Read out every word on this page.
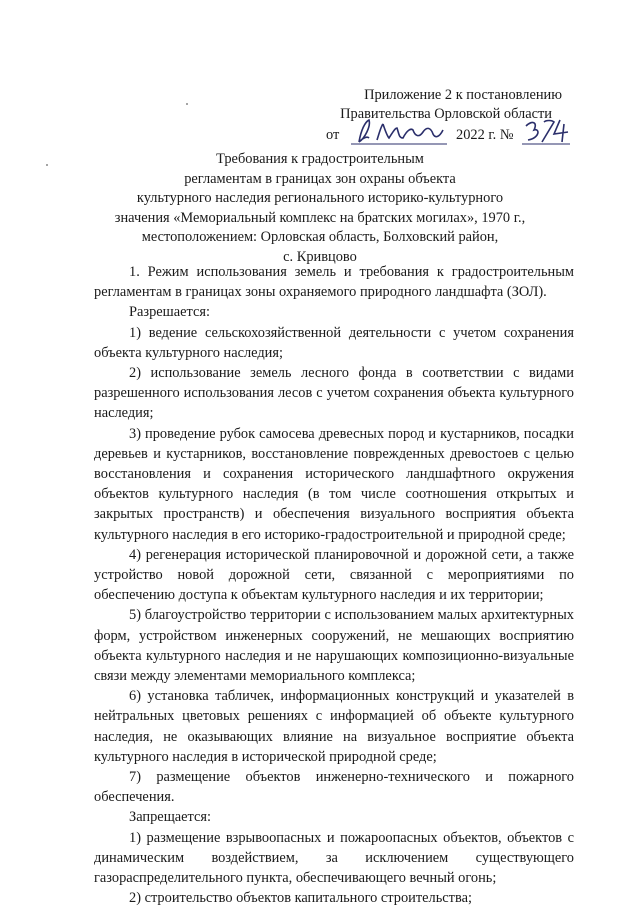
Приложение 2 к постановлению
Правительства Орловской области
от	2022 г. №
Требования к градостроительным
регламентам в границах зон охраны объекта
культурного наследия регионального историко-культурного
значения «Мемориальный комплекс на братских могилах», 1970 г.,
местоположением: Орловская область, Болховский район,
с. Кривцово

1. Режим использования земель и требования к градостроительным регламентам в границах зоны охраняемого природного ландшафта (ЗОЛ).

Разрешается:

1) ведение сельскохозяйственной деятельности с учетом сохранения объекта культурного наследия;

2) использование земель лесного фонда в соответствии с видами разрешенного использования лесов с учетом сохранения объекта культурного наследия;

3) проведение рубок самосева древесных пород и кустарников, посадки деревьев и кустарников, восстановление поврежденных древостоев с целью восстановления и сохранения исторического ландшафтного окружения объектов культурного наследия (в том числе соотношения открытых и закрытых пространств) и обеспечения визуального восприятия объекта культурного наследия в его историко-градостроительной и природной среде;

4) регенерация исторической планировочной и дорожной сети, а также устройство новой дорожной сети, связанной с мероприятиями по обеспечению доступа к объектам культурного наследия и их территории;

5) благоустройство территории с использованием малых архитектурных форм, устройством инженерных сооружений, не мешающих восприятию объекта культурного наследия и не нарушающих композиционно-визуальные связи между элементами мемориального комплекса;

6) установка табличек, информационных конструкций и указателей в нейтральных цветовых решениях с информацией об объекте культурного наследия, не оказывающих влияние на визуальное восприятие объекта культурного наследия в исторической природной среде;

7) размещение объектов инженерно-технического и пожарного обеспечения.

Запрещается:

1) размещение взрывоопасных и пожароопасных объектов, объектов с динамическим воздействием, за исключением существующего газораспределительного пункта, обеспечивающего вечный огонь;

2) строительство объектов капитального строительства;
